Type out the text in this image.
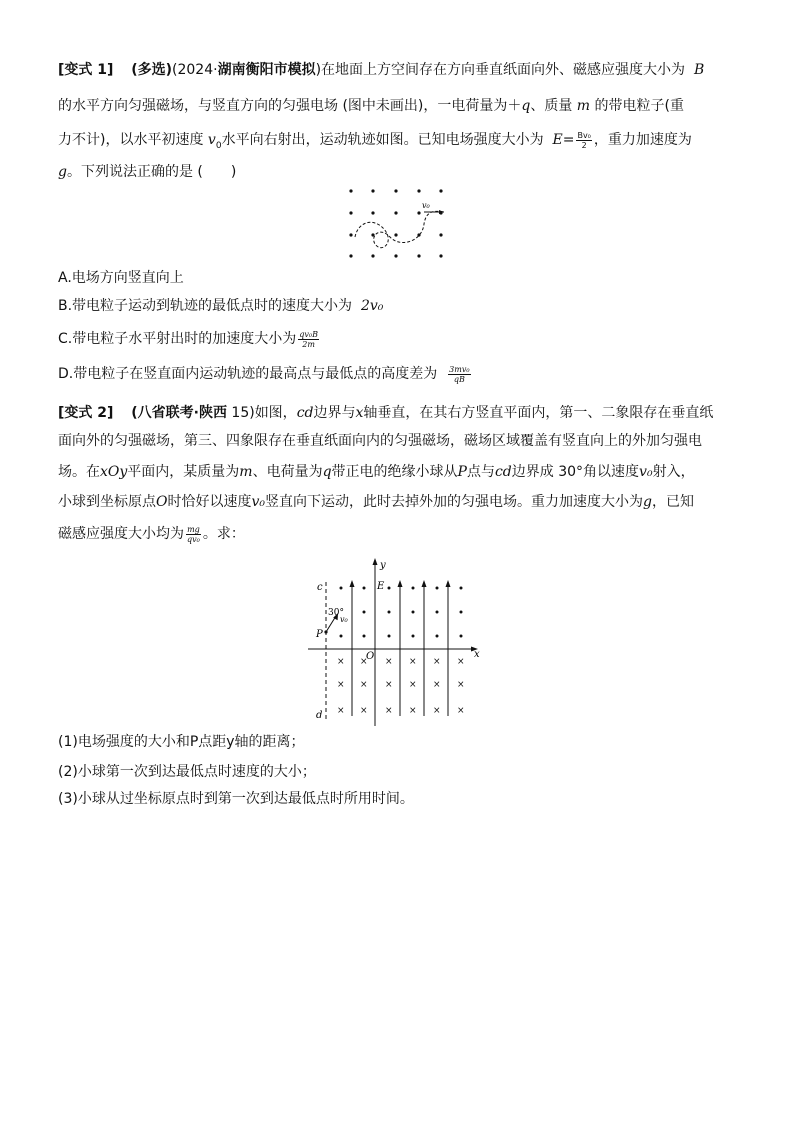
[变式 1] (多选)(2024·湖南衡阳市模拟)在地面上方空间存在方向垂直纸面向外、磁感应强度大小为 B
的水平方向匀强磁场，与竖直方向的匀强电场 (图中未画出)，一电荷量为＋q、质量 m 的带电粒子(重
力不计)，以水平初速度 $v_0$水平向右射出，运动轨迹如图。已知电场强度大小为 $E= \frac{\text{Bv₀}}{2}$ ，重力加速度为
g。下列说法正确的是 (　　)
v₀
A.电场方向竖直向上
B.带电粒子运动到轨迹的最低点时的速度大小为 2v₀
C.带电粒子水平射出时的加速度大小为 $\frac{\text{qv₀B}}{2m}$
D.带电粒子在竖直面内运动轨迹的最高点与最低点的高度差为 $\frac{\text{3mv₀}}{qB}$
[变式 2] (八省联考·陕西 15)如图，cd边界与x轴垂直，在其右方竖直平面内，第一、二象限存在垂直纸
面向外的匀强磁场，第三、四象限存在垂直纸面向内的匀强磁场，磁场区域覆盖有竖直向上的外加匀强电
场。在xOy平面内，某质量为m、电荷量为q带正电的绝缘小球从P点与cd边界成 30°角以速度v₀射入，
小球到坐标原点O时恰好以速度v₀竖直向下运动，此时去掉外加的匀强电场。重力加速度大小为g，已知
磁感应强度大小均为 $\frac{mg}{\text{qv₀}}$ 。求：
y
x
O
c
d
E
× × × × × ×
× × × × × ×
× × × × × ×
P
30°
v₀
(1)电场强度的大小和P点距y轴的距离；
(2)小球第一次到达最低点时速度的大小；
(3)小球从过坐标原点时到第一次到达最低点时所用时间。
